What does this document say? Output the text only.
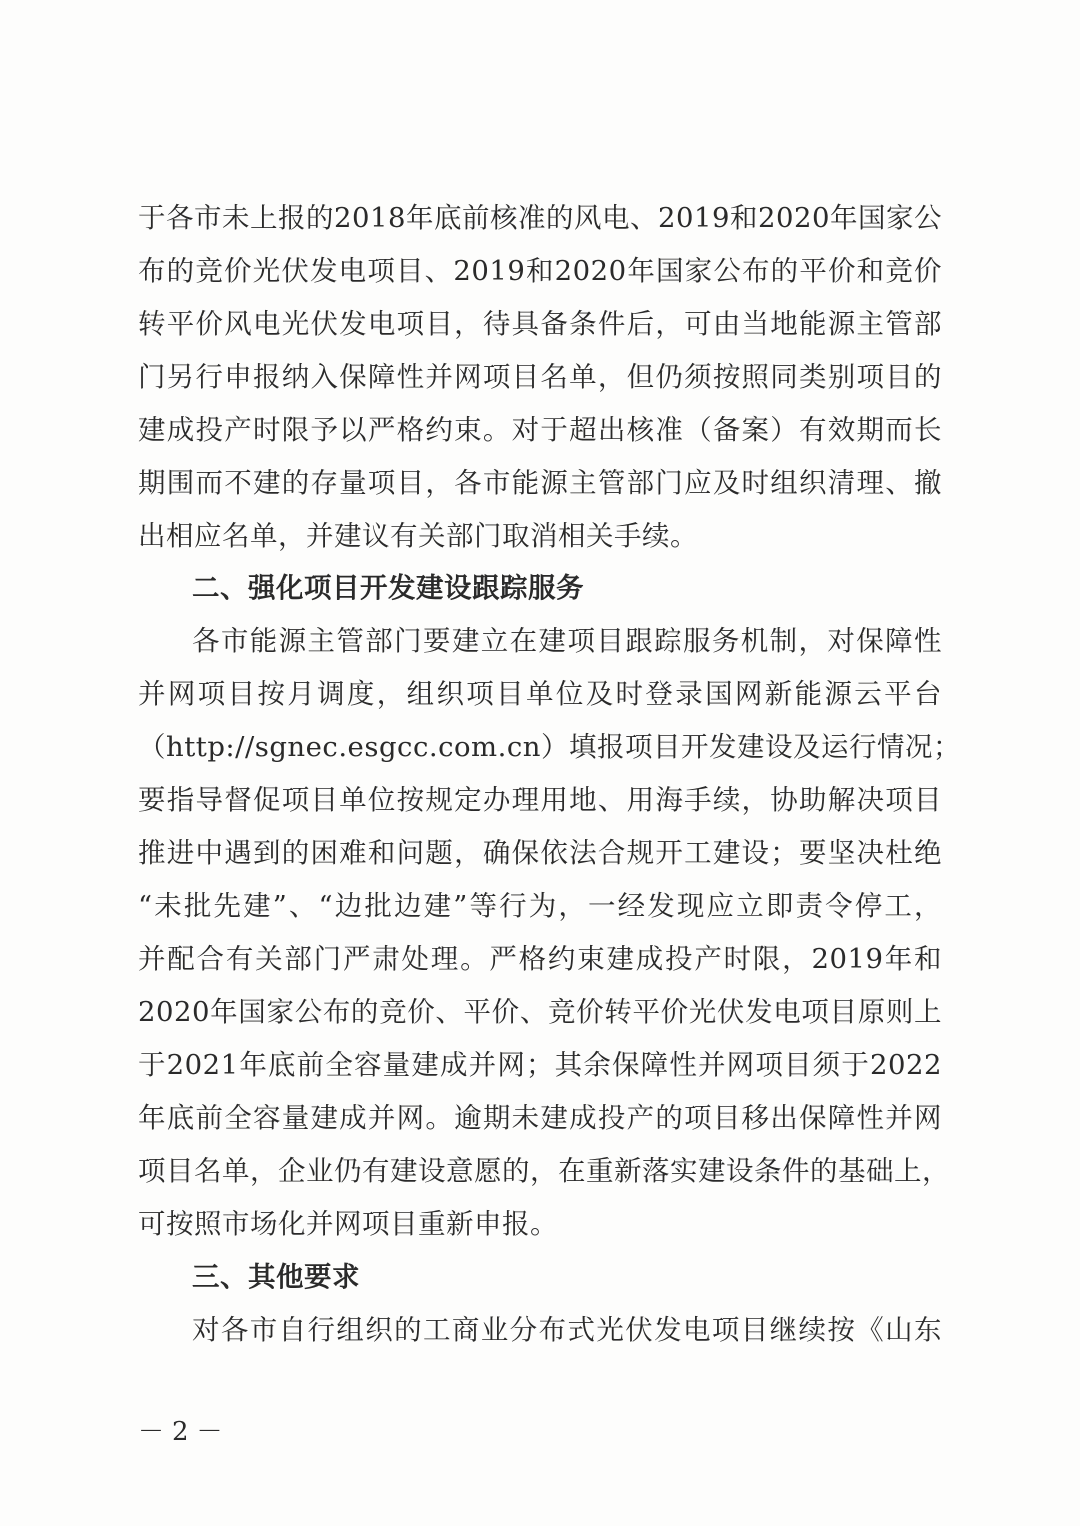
于各市未上报的2018年底前核准的风电、2019和2020年国家公
布的竞价光伏发电项目、2019和2020年国家公布的平价和竞价
转平价风电光伏发电项目，待具备条件后，可由当地能源主管部
门另行申报纳入保障性并网项目名单，但仍须按照同类别项目的
建成投产时限予以严格约束。对于超出核准（备案）有效期而长
期围而不建的存量项目，各市能源主管部门应及时组织清理、撤
出相应名单，并建议有关部门取消相关手续。
二、强化项目开发建设跟踪服务
各市能源主管部门要建立在建项目跟踪服务机制，对保障性
并网项目按月调度，组织项目单位及时登录国网新能源云平台
（http://sgnec.esgcc.com.cn）填报项目开发建设及运行情况；
要指导督促项目单位按规定办理用地、用海手续，协助解决项目
推进中遇到的困难和问题，确保依法合规开工建设；要坚决杜绝
“未批先建”、“边批边建”等行为，一经发现应立即责令停工，
并配合有关部门严肃处理。严格约束建成投产时限，2019年和
2020年国家公布的竞价、平价、竞价转平价光伏发电项目原则上
于2021年底前全容量建成并网；其余保障性并网项目须于2022
年底前全容量建成并网。逾期未建成投产的项目移出保障性并网
项目名单，企业仍有建设意愿的，在重新落实建设条件的基础上，
可按照市场化并网项目重新申报。
三、其他要求
对各市自行组织的工商业分布式光伏发电项目继续按《山东
－2－
